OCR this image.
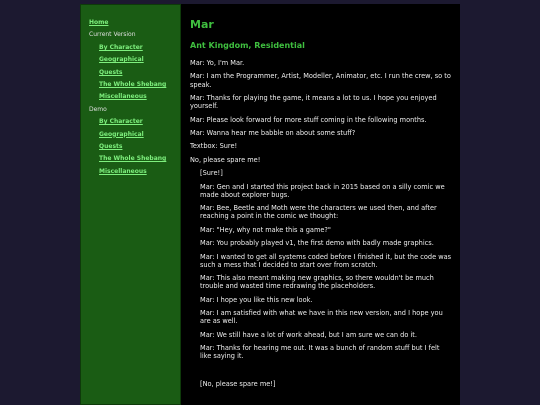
Home
Current Version
By Character
Geographical
Quests
The Whole Shebang
Miscellaneous
Demo
By Character
Geographical
Quests
The Whole Shebang
Miscellaneous
Mar
Ant Kingdom, Residential

Mar: Yo, I'm Mar.

Mar: I am the Programmer, Artist, Modeller, Animator, etc. I run the crew, so to speak.

Mar: Thanks for playing the game, it means a lot to us. I hope you enjoyed yourself.

Mar: Please look forward for more stuff coming in the following months.

Mar: Wanna hear me babble on about some stuff?

Textbox: Sure!

No, please spare me!

[Sure!]

Mar: Gen and I started this project back in 2015 based on a silly comic we made about explorer bugs.

Mar: Bee, Beetle and Moth were the characters we used then, and after reaching a point in the comic we thought:

Mar: "Hey, why not make this a game?"

Mar: You probably played v1, the first demo with badly made graphics.

Mar: I wanted to get all systems coded before I finished it, but the code was such a mess that I decided to start over from scratch.

Mar: This also meant making new graphics, so there wouldn't be much trouble and wasted time redrawing the placeholders.

Mar: I hope you like this new look.

Mar: I am satisfied with what we have in this new version, and I hope you are as well.

Mar: We still have a lot of work ahead, but I am sure we can do it.

Mar: Thanks for hearing me out. It was a bunch of random stuff but I felt like saying it.

[No, please spare me!]
